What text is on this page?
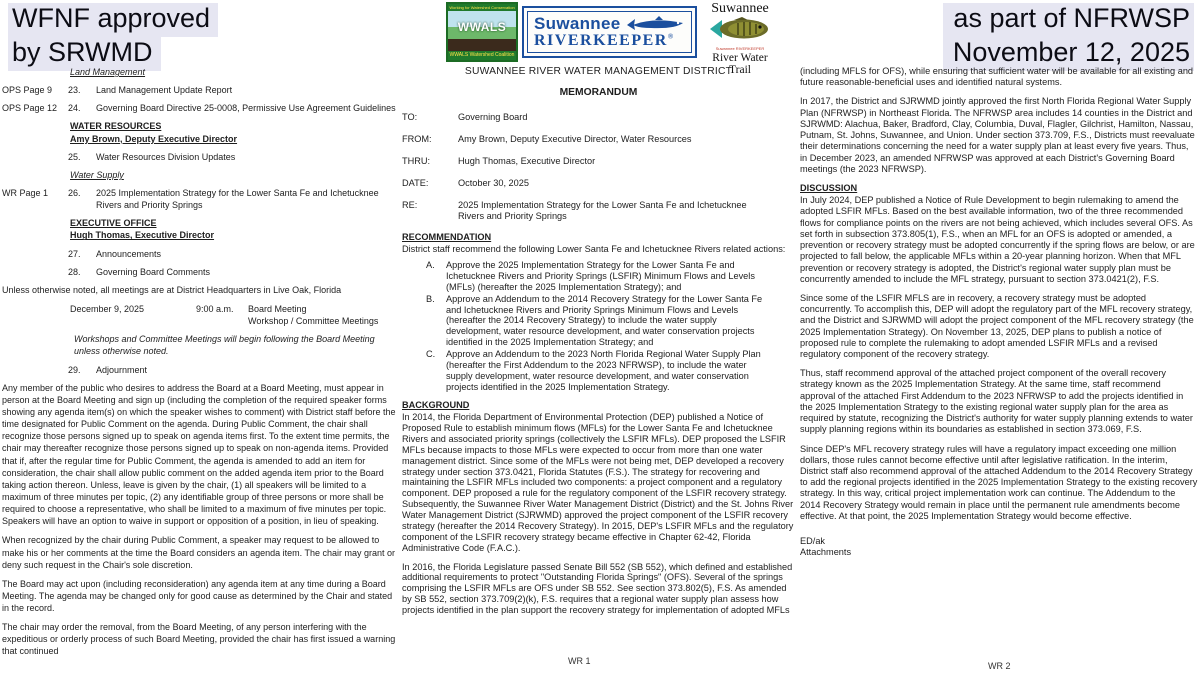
WFNF approved
by SRWMD
as part of NFRWSP
November 12, 2025
Working for Watershed Conservation
WWALS
WWALS Watershed Coalition
Suwannee
RIVERKEEPER®
Suwannee
Suwannee RIVERKEEPER
River Water Trail
Land Management
OPS Page 9	23.	Land Management Update Report
OPS Page 12	24.	Governing Board Directive 25-0008, Permissive Use Agreement Guidelines
WATER RESOURCES
Amy Brown, Deputy Executive Director
25.	Water Resources Division Updates
Water Supply
WR Page 1	26.	2025 Implementation Strategy for the Lower Santa Fe and Ichetucknee Rivers and Priority Springs
EXECUTIVE OFFICE
Hugh Thomas, Executive Director
27.	Announcements
28.	Governing Board Comments

Unless otherwise noted, all meetings are at District Headquarters in Live Oak, Florida

December 9, 2025	9:00 a.m.	Board Meeting
Workshop / Committee Meetings

Workshops and Committee Meetings will begin following the Board Meeting unless otherwise noted.

29.	Adjournment

Any member of the public who desires to address the Board at a Board Meeting, must appear in person at the Board Meeting and sign up (including the completion of the required speaker forms showing any agenda item(s) on which the speaker wishes to comment) with District staff before the time designated for Public Comment on the agenda. During Public Comment, the chair shall recognize those persons signed up to speak on agenda items first. To the extent time permits, the chair may thereafter recognize those persons signed up to speak on non-agenda items. Provided that if, after the regular time for Public Comment, the agenda is amended to add an item for consideration, the chair shall allow public comment on the added agenda item prior to the Board taking action thereon. Unless, leave is given by the chair, (1) all speakers will be limited to a maximum of three minutes per topic, (2) any identifiable group of three persons or more shall be required to choose a representative, who shall be limited to a maximum of five minutes per topic. Speakers will have an option to waive in support or opposition of a position, in lieu of speaking.

When recognized by the chair during Public Comment, a speaker may request to be allowed to make his or her comments at the time the Board considers an agenda item. The chair may grant or deny such request in the Chair's sole discretion.

The Board may act upon (including reconsideration) any agenda item at any time during a Board Meeting. The agenda may be changed only for good cause as determined by the Chair and stated in the record.

The chair may order the removal, from the Board Meeting, of any person interfering with the expeditious or orderly process of such Board Meeting, provided the chair has first issued a warning that continued

SUWANNEE RIVER WATER MANAGEMENT DISTRICT
MEMORANDUM
TO:	Governing Board
FROM:	Amy Brown, Deputy Executive Director, Water Resources
THRU:	Hugh Thomas, Executive Director
DATE:	October 30, 2025
RE:	2025 Implementation Strategy for the Lower Santa Fe and Ichetucknee Rivers and Priority Springs
RECOMMENDATION

District staff recommend the following Lower Santa Fe and Ichetucknee Rivers related actions:

A.	Approve the 2025 Implementation Strategy for the Lower Santa Fe and Ichetucknee Rivers and Priority Springs (LSFIR) Minimum Flows and Levels (MFLs) (hereafter the 2025 Implementation Strategy); and
B.	Approve an Addendum to the 2014 Recovery Strategy for the Lower Santa Fe and Ichetucknee Rivers and Priority Springs Minimum Flows and Levels (hereafter the 2014 Recovery Strategy) to include the water supply development, water resource development, and water conservation projects identified in the 2025 Implementation Strategy; and
C.	Approve an Addendum to the 2023 North Florida Regional Water Supply Plan (hereafter the First Addendum to the 2023 NFRWSP), to include the water supply development, water resource development, and water conservation projects identified in the 2025 Implementation Strategy.
BACKGROUND

In 2014, the Florida Department of Environmental Protection (DEP) published a Notice of Proposed Rule to establish minimum flows (MFLs) for the Lower Santa Fe and Ichetucknee Rivers and associated priority springs (collectively the LSFIR MFLs). DEP proposed the LSFIR MFLs because impacts to those MFLs were expected to occur from more than one water management district. Since some of the MFLs were not being met, DEP developed a recovery strategy under section 373.0421, Florida Statutes (F.S.). The strategy for recovering and maintaining the LSFIR MFLs included two components: a project component and a regulatory component. DEP proposed a rule for the regulatory component of the LSFIR recovery strategy. Subsequently, the Suwannee River Water Management District (District) and the St. Johns River Water Management District (SJRWMD) approved the project component of the LSFIR recovery strategy (hereafter the 2014 Recovery Strategy). In 2015, DEP's LSFIR MFLs and the regulatory component of the LSFIR recovery strategy became effective in Chapter 62-42, Florida Administrative Code (F.A.C.).

In 2016, the Florida Legislature passed Senate Bill 552 (SB 552), which defined and established additional requirements to protect "Outstanding Florida Springs" (OFS). Several of the springs comprising the LSFIR MFLs are OFS under SB 552. See section 373.802(5), F.S. As amended by SB 552, section 373.709(2)(k), F.S. requires that a regional water supply plan assess how projects identified in the plan support the recovery strategy for implementation of adopted MFLs

(including MFLS for OFS), while ensuring that sufficient water will be available for all existing and future reasonable-beneficial uses and identified natural systems.

In 2017, the District and SJRWMD jointly approved the first North Florida Regional Water Supply Plan (NFRWSP) in Northeast Florida. The NFRWSP area includes 14 counties in the District and SJRWMD: Alachua, Baker, Bradford, Clay, Columbia, Duval, Flagler, Gilchrist, Hamilton, Nassau, Putnam, St. Johns, Suwannee, and Union. Under section 373.709, F.S., Districts must reevaluate their determinations concerning the need for a water supply plan at least every five years. Thus, in December 2023, an amended NFRWSP was approved at each District's Governing Board meetings (the 2023 NFRWSP).

DISCUSSION

In July 2024, DEP published a Notice of Rule Development to begin rulemaking to amend the adopted LSFIR MFLs. Based on the best available information, two of the three recommended flows for compliance points on the rivers are not being achieved, which includes several OFS. As set forth in subsection 373.805(1), F.S., when an MFL for an OFS is adopted or amended, a prevention or recovery strategy must be adopted concurrently if the spring flows are below, or are projected to fall below, the applicable MFLs within a 20-year planning horizon. When that MFL prevention or recovery strategy is adopted, the District's regional water supply plan must be concurrently amended to include the MFL strategy, pursuant to section 373.0421(2), F.S.

Since some of the LSFIR MFLS are in recovery, a recovery strategy must be adopted concurrently. To accomplish this, DEP will adopt the regulatory part of the MFL recovery strategy, and the District and SJRWMD will adopt the project component of the MFL recovery strategy (the 2025 Implementation Strategy). On November 13, 2025, DEP plans to publish a notice of proposed rule to complete the rulemaking to adopt amended LSFIR MFLs and a revised regulatory component of the recovery strategy.

Thus, staff recommend approval of the attached project component of the overall recovery strategy known as the 2025 Implementation Strategy. At the same time, staff recommend approval of the attached First Addendum to the 2023 NFRWSP to add the projects identified in the 2025 Implementation Strategy to the existing regional water supply plan for the area as required by statute, recognizing the District's authority for water supply planning extends to water supply planning regions within its boundaries as established in section 373.069, F.S.

Since DEP's MFL recovery strategy rules will have a regulatory impact exceeding one million dollars, those rules cannot become effective until after legislative ratification. In the interim, District staff also recommend approval of the attached Addendum to the 2014 Recovery Strategy to add the regional projects identified in the 2025 Implementation Strategy to the existing recovery strategy. In this way, critical project implementation work can continue. The Addendum to the 2014 Recovery Strategy would remain in place until the permanent rule amendments become effective. At that point, the 2025 Implementation Strategy would become effective.

ED/ak
Attachments
WR 1	WR 2
